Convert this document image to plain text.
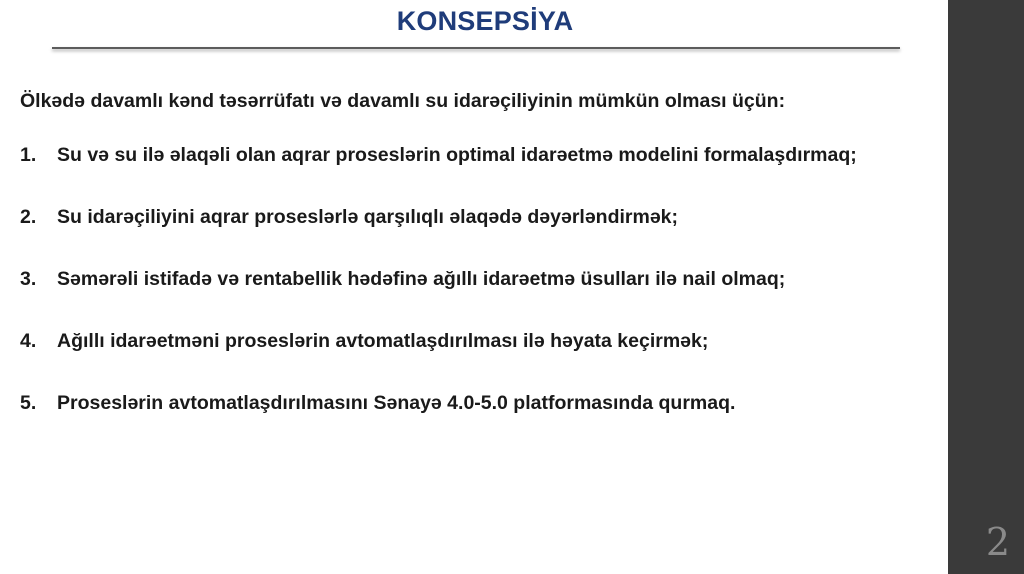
KONSEPSİYA

Ölkədə davamlı kənd təsərrüfatı və davamlı su idarəçiliyinin mümkün olması üçün:

1.	Su və su ilə əlaqəli olan aqrar proseslərin optimal idarəetmə modelini formalaşdırmaq;
2.	Su idarəçiliyini aqrar proseslərlə qarşılıqlı əlaqədə dəyərləndirmək;
3.	Səmərəli istifadə və rentabellik hədəfinə ağıllı idarəetmə üsulları ilə nail olmaq;
4.	Ağıllı idarəetməni proseslərin avtomatlaşdırılması ilə həyata keçirmək;
5.	Proseslərin avtomatlaşdırılmasını Sənayə 4.0-5.0 platformasında qurmaq.
2
